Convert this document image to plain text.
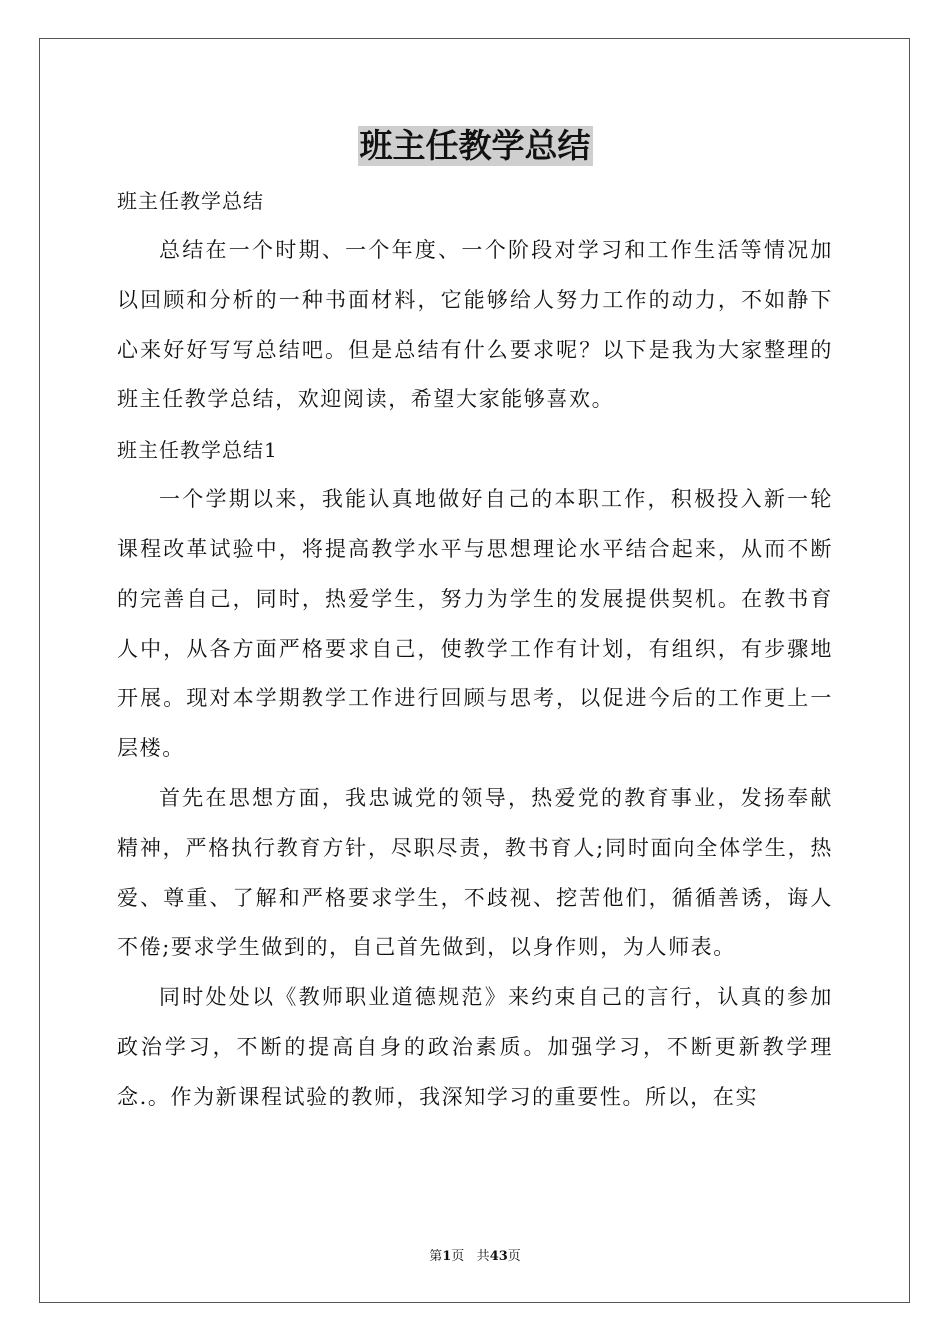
班主任教学总结
班主任教学总结

总结在一个时期、一个年度、一个阶段对学习和工作生活等情况加以回顾和分析的一种书面材料，它能够给人努力工作的动力，不如静下心来好好写写总结吧。但是总结有什么要求呢？以下是我为大家整理的班主任教学总结，欢迎阅读，希望大家能够喜欢。

班主任教学总结1

一个学期以来，我能认真地做好自己的本职工作，积极投入新一轮课程改革试验中，将提高教学水平与思想理论水平结合起来，从而不断的完善自己，同时，热爱学生，努力为学生的发展提供契机。在教书育人中，从各方面严格要求自己，使教学工作有计划，有组织，有步骤地开展。现对本学期教学工作进行回顾与思考，以促进今后的工作更上一层楼。

首先在思想方面，我忠诚党的领导，热爱党的教育事业，发扬奉献精神，严格执行教育方针，尽职尽责，教书育人;同时面向全体学生，热爱、尊重、了解和严格要求学生，不歧视、挖苦他们，循循善诱，诲人不倦;要求学生做到的，自己首先做到，以身作则，为人师表。

同时处处以《教师职业道德规范》来约束自己的言行，认真的参加政治学习，不断的提高自身的政治素质。加强学习，不断更新教学理念.。作为新课程试验的教师，我深知学习的重要性。所以，在实

第1页 共43页
